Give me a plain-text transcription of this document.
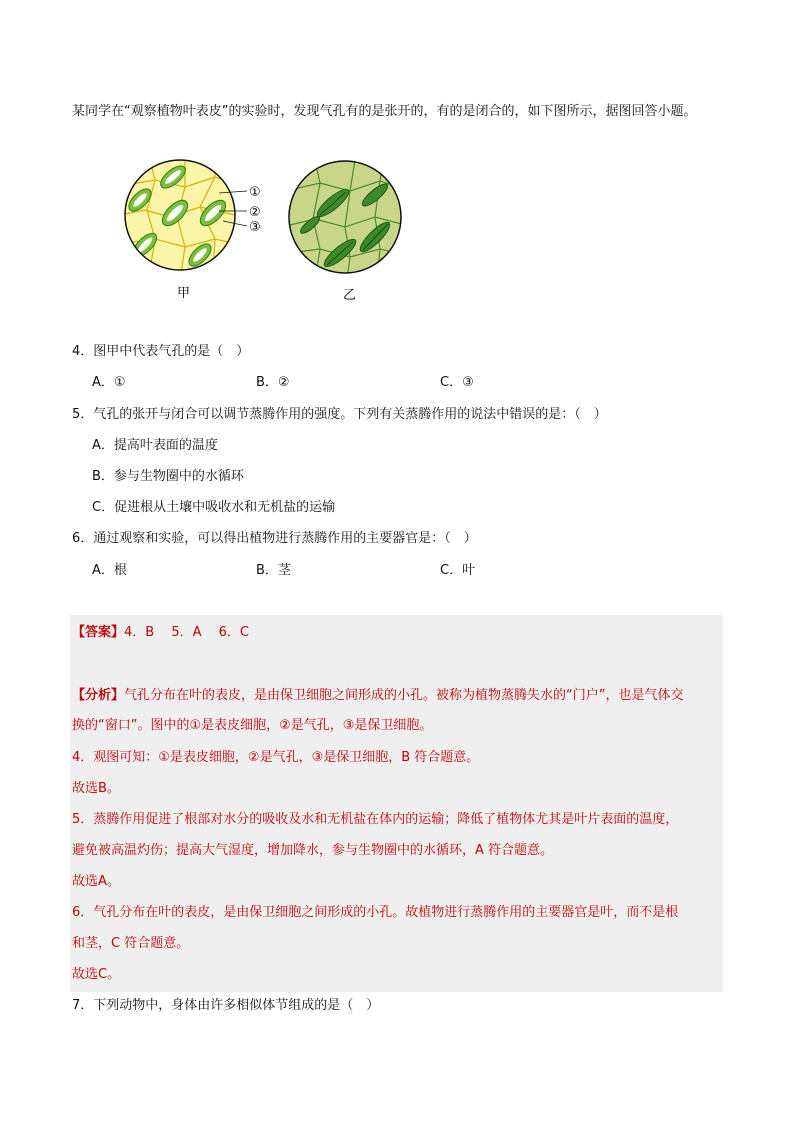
某同学在“观察植物叶表皮”的实验时，发现气孔有的是张开的，有的是闭合的，如下图所示，据图回答小题。
①
②
③
甲	乙
4．图甲中代表气孔的是（　）
A．①	B．②	C．③
5．气孔的张开与闭合可以调节蒸腾作用的强度。下列有关蒸腾作用的说法中错误的是：（　）
A．提高叶表面的温度
B．参与生物圈中的水循环
C．促进根从土壤中吸收水和无机盐的运输
6．通过观察和实验，可以得出植物进行蒸腾作用的主要器官是：（　）
A．根	B．茎	C．叶
【答案】4．B　 5．A　 6．C
【分析】气孔分布在叶的表皮，是由保卫细胞之间形成的小孔。被称为植物蒸腾失水的“门户”，也是气体交
换的“窗口”。图中的①是表皮细胞，②是气孔，③是保卫细胞。
4．观图可知：①是表皮细胞，②是气孔，③是保卫细胞，B 符合题意。
故选B。
5．蒸腾作用促进了根部对水分的吸收及水和无机盐在体内的运输；降低了植物体尤其是叶片表面的温度，
避免被高温灼伤；提高大气湿度，增加降水，参与生物圈中的水循环，A 符合题意。
故选A。
6．气孔分布在叶的表皮，是由保卫细胞之间形成的小孔。故植物进行蒸腾作用的主要器官是叶，而不是根
和茎，C 符合题意。
故选C。
7．下列动物中，身体由许多相似体节组成的是（　）
